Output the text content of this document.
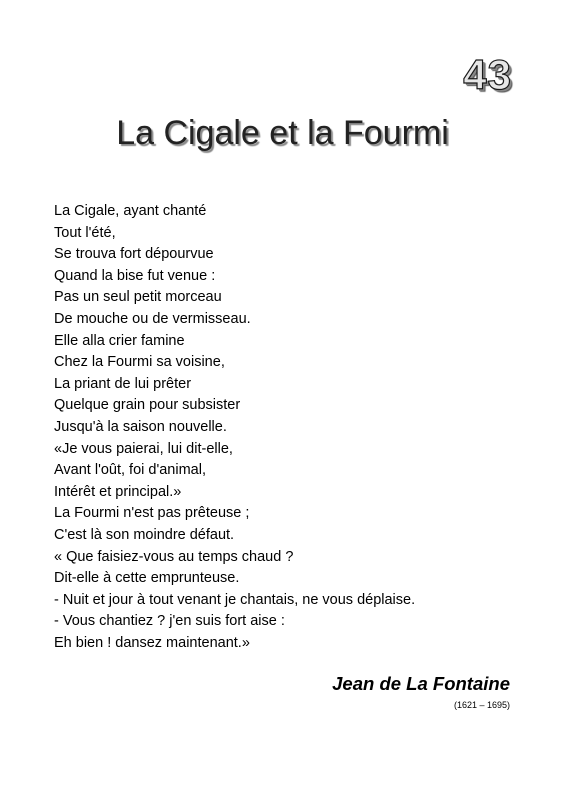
43
La Cigale et la Fourmi
La Cigale, ayant chanté
Tout l'été,
Se trouva fort dépourvue
Quand la bise fut venue :
Pas un seul petit morceau
De mouche ou de vermisseau.
Elle alla crier famine
Chez la Fourmi sa voisine,
La priant de lui prêter
Quelque grain pour subsister
Jusqu'à la saison nouvelle.
«Je vous paierai, lui dit-elle,
Avant l'oût, foi d'animal,
Intérêt et principal.»
La Fourmi n'est pas prêteuse ;
C'est là son moindre défaut.
« Que faisiez-vous au temps chaud ?
Dit-elle à cette emprunteuse.
- Nuit et jour à tout venant je chantais, ne vous déplaise.
- Vous chantiez ? j'en suis fort aise :
Eh bien ! dansez maintenant.»
Jean de La Fontaine
(1621 – 1695)
